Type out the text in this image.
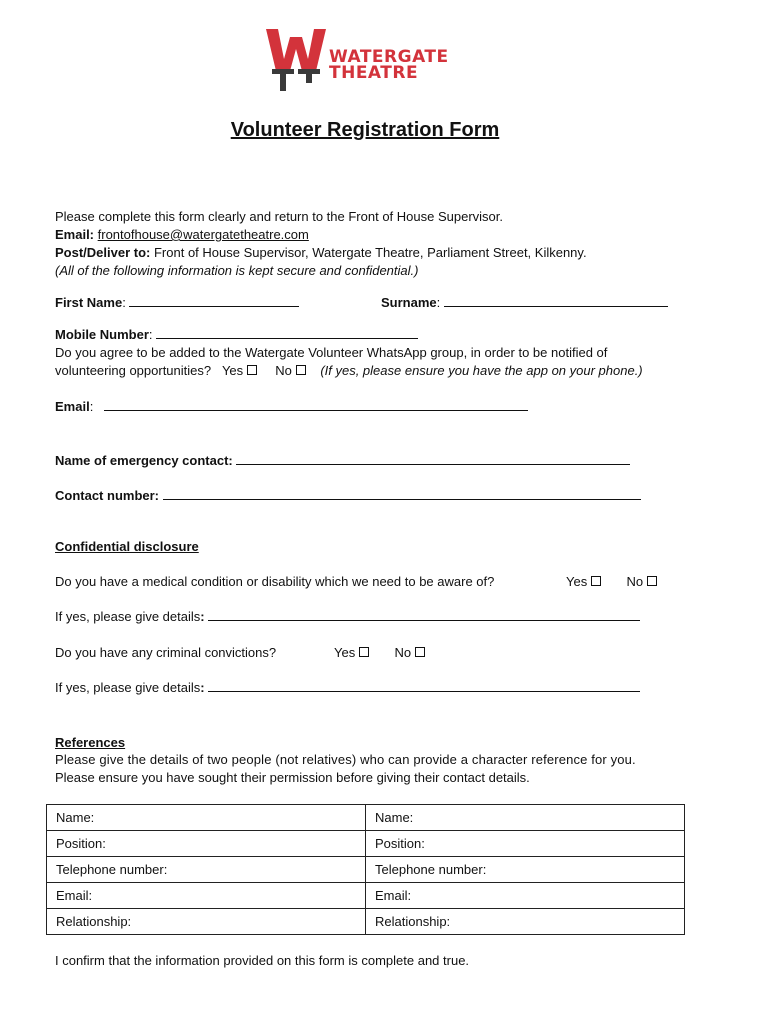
WATERGATE
THEATRE
Volunteer Registration Form
Please complete this form clearly and return to the Front of House Supervisor.
Email: frontofhouse@watergatetheatre.com
Post/Deliver to: Front of House Supervisor, Watergate Theatre, Parliament Street, Kilkenny.
(All of the following information is kept secure and confidential.)
First Name:	Surname:
Mobile Number:
Do you agree to be added to the Watergate Volunteer WhatsApp group, in order to be notified of
volunteering opportunities? Yes No (If yes, please ensure you have the app on your phone.)
Email:
Name of emergency contact:
Contact number:
Confidential disclosure
Do you have a medical condition or disability which we need to be aware of?	Yes	No
If yes, please give details:
Do you have any criminal convictions?	Yes	No
If yes, please give details:
References
Please give the details of two people (not relatives) who can provide a character reference for you.
Please ensure you have sought their permission before giving their contact details.
Name:	Name:
Position:	Position:
Telephone number:	Telephone number:
Email:	Email:
Relationship:	Relationship:
I confirm that the information provided on this form is complete and true.
